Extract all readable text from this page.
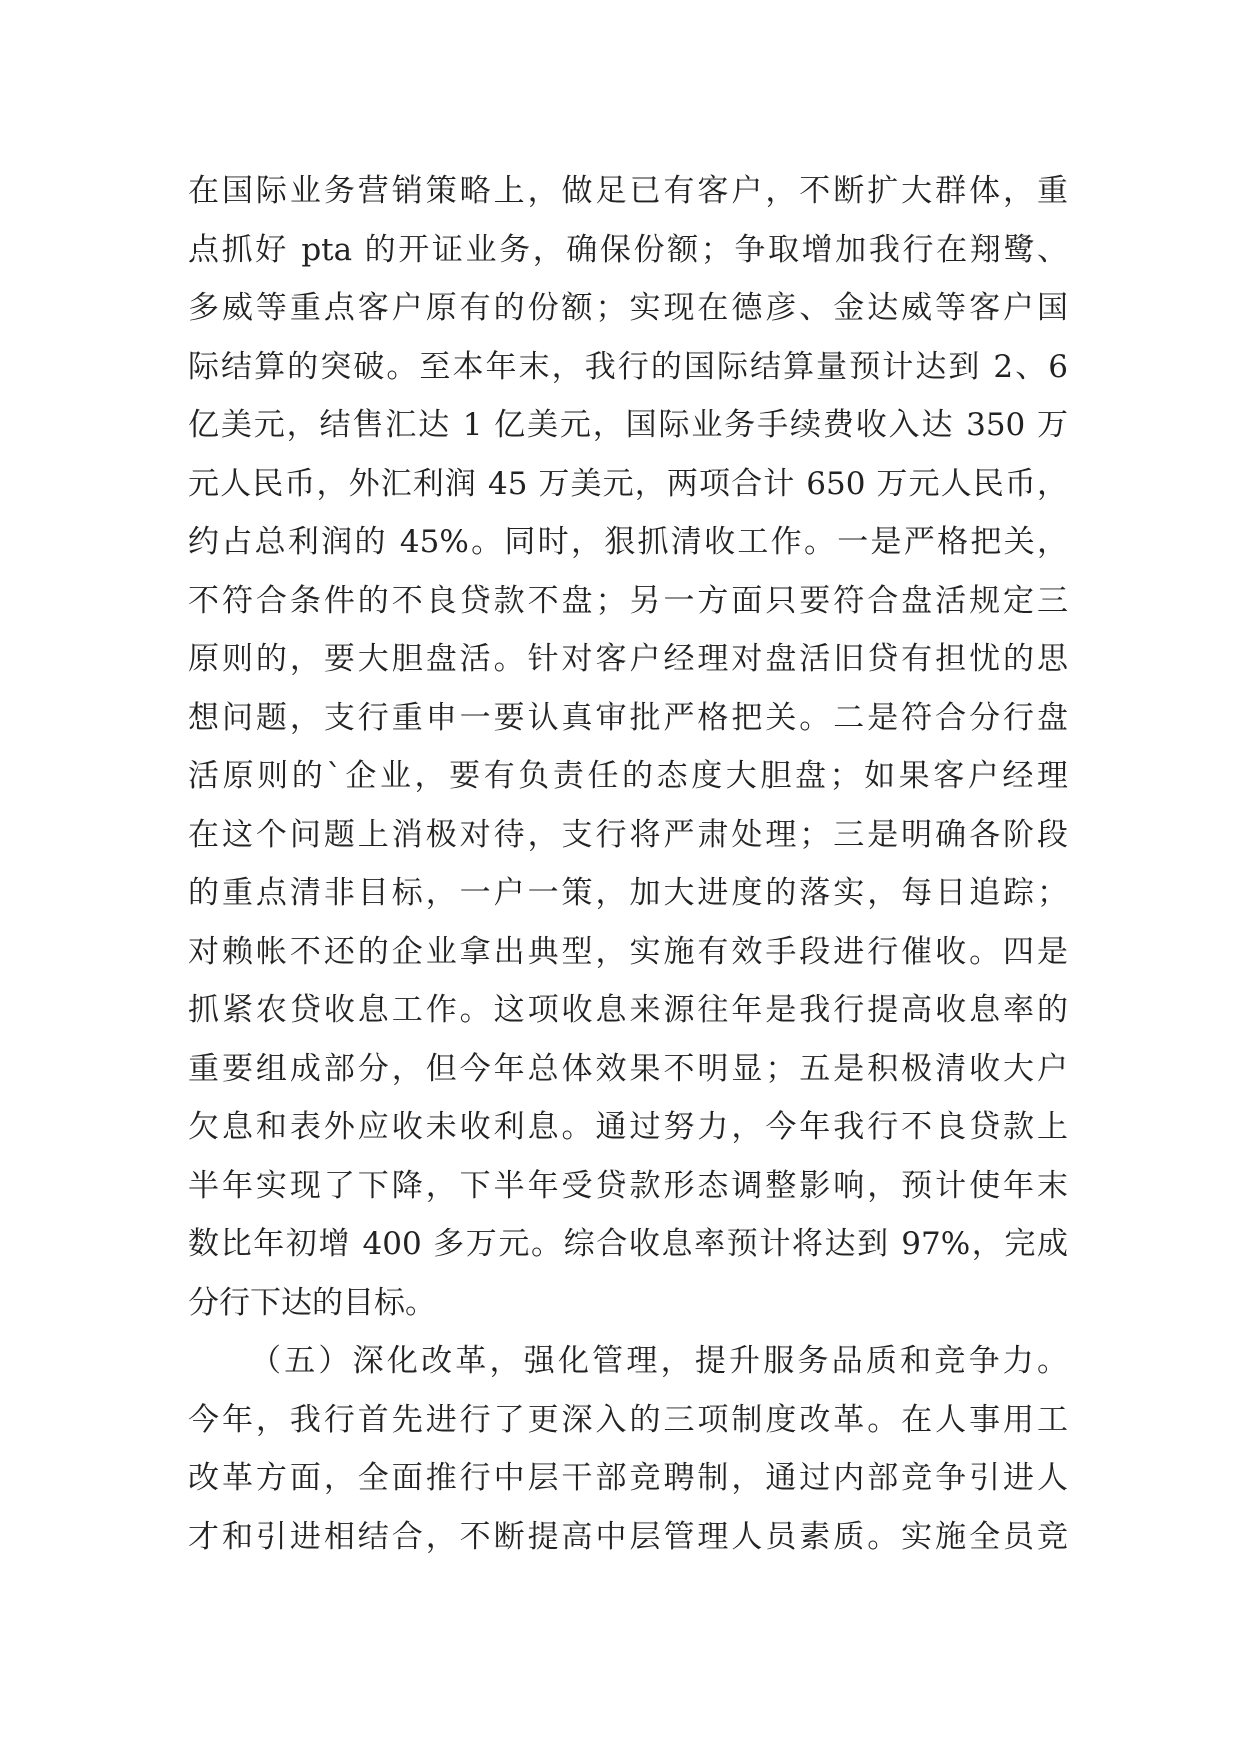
在国际业务营销策略上，做足已有客户，不断扩大群体，重
点抓好 pta 的开证业务，确保份额；争取增加我行在翔鹭、
多威等重点客户原有的份额；实现在德彦、金达威等客户国
际结算的突破。至本年末，我行的国际结算量预计达到 2、6
亿美元，结售汇达 1 亿美元，国际业务手续费收入达 350 万
元人民币，外汇利润 45 万美元，两项合计 650 万元人民币，
约占总利润的 45%。同时，狠抓清收工作。一是严格把关，
不符合条件的不良贷款不盘；另一方面只要符合盘活规定三
原则的，要大胆盘活。针对客户经理对盘活旧贷有担忧的思
想问题，支行重申一要认真审批严格把关。二是符合分行盘
活原则的`企业，要有负责任的态度大胆盘；如果客户经理
在这个问题上消极对待，支行将严肃处理；三是明确各阶段
的重点清非目标，一户一策，加大进度的落实，每日追踪；
对赖帐不还的企业拿出典型，实施有效手段进行催收。四是
抓紧农贷收息工作。这项收息来源往年是我行提高收息率的
重要组成部分，但今年总体效果不明显；五是积极清收大户
欠息和表外应收未收利息。通过努力，今年我行不良贷款上
半年实现了下降，下半年受贷款形态调整影响，预计使年末
数比年初增 400 多万元。综合收息率预计将达到 97%，完成
分行下达的目标。
（五）深化改革，强化管理，提升服务品质和竞争力。
今年，我行首先进行了更深入的三项制度改革。在人事用工
改革方面，全面推行中层干部竞聘制，通过内部竞争引进人
才和引进相结合，不断提高中层管理人员素质。实施全员竞
